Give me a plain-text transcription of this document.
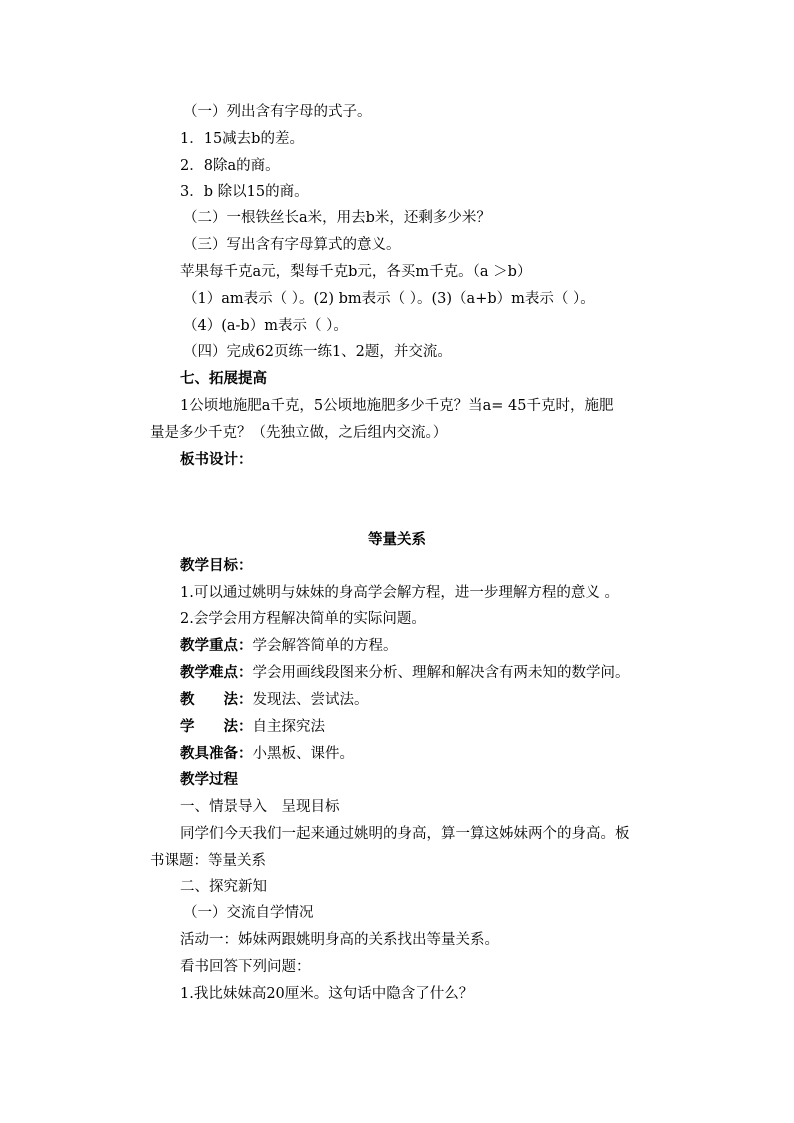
（一）列出含有字母的式子。

1．15减去b的差。

2．8除a的商。

3．b 除以15的商。

（二）一根铁丝长a米，用去b米，还剩多少米？

（三）写出含有字母算式的意义。

苹果每千克a元，梨每千克b元，各买m千克。（a ＞b）

（1）am表示（ ）。(2) bm表示（ ）。(3)（a+b）m表示（ ）。

（4）(a-b）m表示（ ）。

（四）完成62页练一练1、2题，并交流。

七、拓展提高

1公顷地施肥a千克，5公顷地施肥多少千克？当a= 45千克时，施肥

量是多少千克？（先独立做，之后组内交流。）

板书设计：

等量关系

教学目标：

1.可以通过姚明与妹妹的身高学会解方程，进一步理解方程的意义 。

2.会学会用方程解决简单的实际问题。

教学重点：学会解答简单的方程。

教学难点：学会用画线段图来分析、理解和解决含有两未知的数学问。

教　　法：发现法、尝试法。

学　　法：自主探究法

教具准备：小黑板、课件。

教学过程

一、情景导入　呈现目标

同学们今天我们一起来通过姚明的身高，算一算这姊妹两个的身高。板

书课题：等量关系

二、探究新知

（一）交流自学情况

活动一：姊妹两跟姚明身高的关系找出等量关系。

看书回答下列问题：

1.我比妹妹高20厘米。这句话中隐含了什么？
